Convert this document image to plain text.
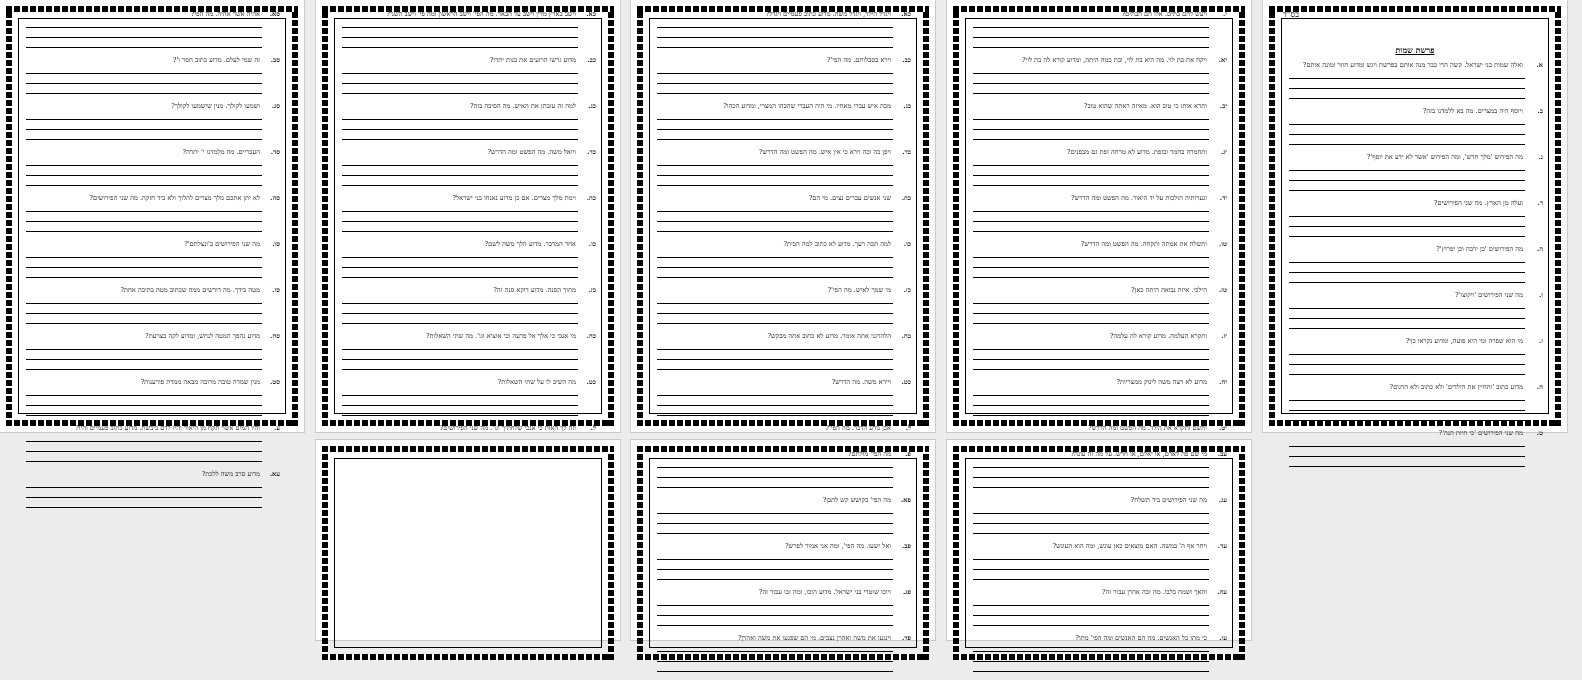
סא.
אהיה אשר אהיה. מה הפי?
סב.
זה שמי לעלם. מדוע כתוב חסר ו'?
סג.
ושמעו לקולך. מנין שישמעו לקולך?
סד.
העבריים. מה מלמדנו י' יתרה?
סה.
לא יתן אתכם מלך מצרים להלוך ולא ביד חזקה. מה שני הפירושים?
סו.
מה שני הפירושים ב'ונצלתם'?
סז.
מטה בידך. מה דורשים ממה שכתוב מטה בתיבה אחת?
סח.
מדוע נהפך המטה לנחש, ומדוע לקה בצרעת?
סט.
מנין שמדה טובה מרובה מבאה ממדת פורענות?
ע.
והיו המים אשר תקח מן היאור והיו לדם ביבשת. מדוע כתוב פעמיים והיו?
עא.
מדוע סרב משה ללכת?
כא.
וישב בארץ מדין וישב על הבאר. מה הפי' וישב הראשון ומה פי' וישב השני?
כב.
מדוע גרשו הרועים את בנות יתרו?
כג.
למה זה עזבתן את האיש. מה הסיבה בזה?
כד.
ויואל משה. מה הפשט ומה הדרש?
כה.
וימת מלך מצרים. אם כן מדוע נאנחו בני ישראל?
כו.
אחר המדבר. מדוע הלך משה לשם?
כז.
מתוך הסנה. מדוע דוקא סנה זה?
כח.
מי אנכי כי אלך אל פרעה וכי אוציא וגו'. מה שתי השאלות?
כט.
מה השיב לו על שתי השאלות?
ל.
וזה לך האות כי אנכי שלחתיך וגו'. מה שני הפירושים?
כא.
ויגדל הילד, ויגדל משה. מדוע כתוב פעמיים ויגדל?
כב.
וירא בסבלותם. מה הפי'?
כג.
מכה איש עברי מאחיו. מי היה העברי שהכהו המצרי, ומדוע הכהו?
כד.
ויפן כה וכה וירא כי אין איש. מה הפשט ומה הדרש?
כה.
שני אנשים עברים נצים. מי הם?
כו.
למה תכה רעך. מדוע לא כתוב למה הכית?
כז.
מי שמך לאיש. מה הפי'?
כח.
הלהרגני אתה אומר. מדוע לא כתוב אתה מבקש?
כט.
ויירא משה. מה הדרש?
ל.
אכן נודע הדבר. מה הפי'?
י.
ויעש להם בתים. אלו הם הבתים?
יא.
ויקח את בת לוי. מה היא בת לוי, ובת כמה היתה, ומדוע קורא לה בת לוי?
יב.
ותרא אותו כי טוב הוא. מאיזה ראתה שהוא טוב?
יג.
ותחמרה בחמר ובזפת. מדוע לא טרחה זפת גם מבפנים?
יד.
ונערותיה הולכות על יד היאור. מה הפשט ומה הדרש?
טו.
ותשלח את אמתה ותקחה. מה הפשט ומה הדרש?
טז.
הילכי. איזה נבואה היתה כאן?
יז.
ותקרא העלמה. מדוע קורא לה עלמה?
יח.
מדוע לא רצה משה לינוק ממצריות?
יט.
ותשם ותקרא את הילד. מה הפשט ומה הדרש?
בס"ד
פרשת שמות
א.
ואלה שמות בני ישראל. קשה הרי כבר מנה אותם בפרשת ויגש ומדוע חוזר ומונה אותם?
ב.
ויוסף היה במצרים. מה בא ללמדנו בזה?
ג.
מה הפירוש 'מלך חדש', ומה הפירוש 'אשר לא ידע את יוסף'?
ד.
ועלה מן הארץ. מה שני הפירושים?
ה.
מה הפירושים 'כן ירבה וכן יפרוץ'?
ו.
מה שני הפירושים 'ויקוצו'?
ז.
מי הוא שפרה ומי היא פועה, ומדוע נקראו כך?
ח.
מדוע כתוב 'ותחיין את הילדים' ולא כתוב ולא הרגום?
ט.
מה שני הפירושים 'כי חיות הנה'?
פ.
מה הפי' מולתם?
פא.
מה הפי' בקושש קש לתבן?
פב.
ואל ישעו. מה הפי', ומה אני אמור לפרש?
פג.
ויוכו שוטרי בני ישראל. מדוע הוכו, ומה זכו עבור זה?
פד.
וינגעו את משה ואהרן נצבים. מי הם שפגעו את משה ואהרן?
עב.
מי שם פה לאדם, או יאלם, או חרש. על מה זה עונה?
עג.
מה שני הפירושים ביד תשלח?
עד.
ויחר אף ה' במשה. האם מוצאים כאן עונש, ומה הוא העונש?
עה.
והאך ושמח בלבו. מה זכה אהרן עבור זה?
עו.
כי מתו כל האנשים. מה הם האנשים ומה הפי' מתו?
